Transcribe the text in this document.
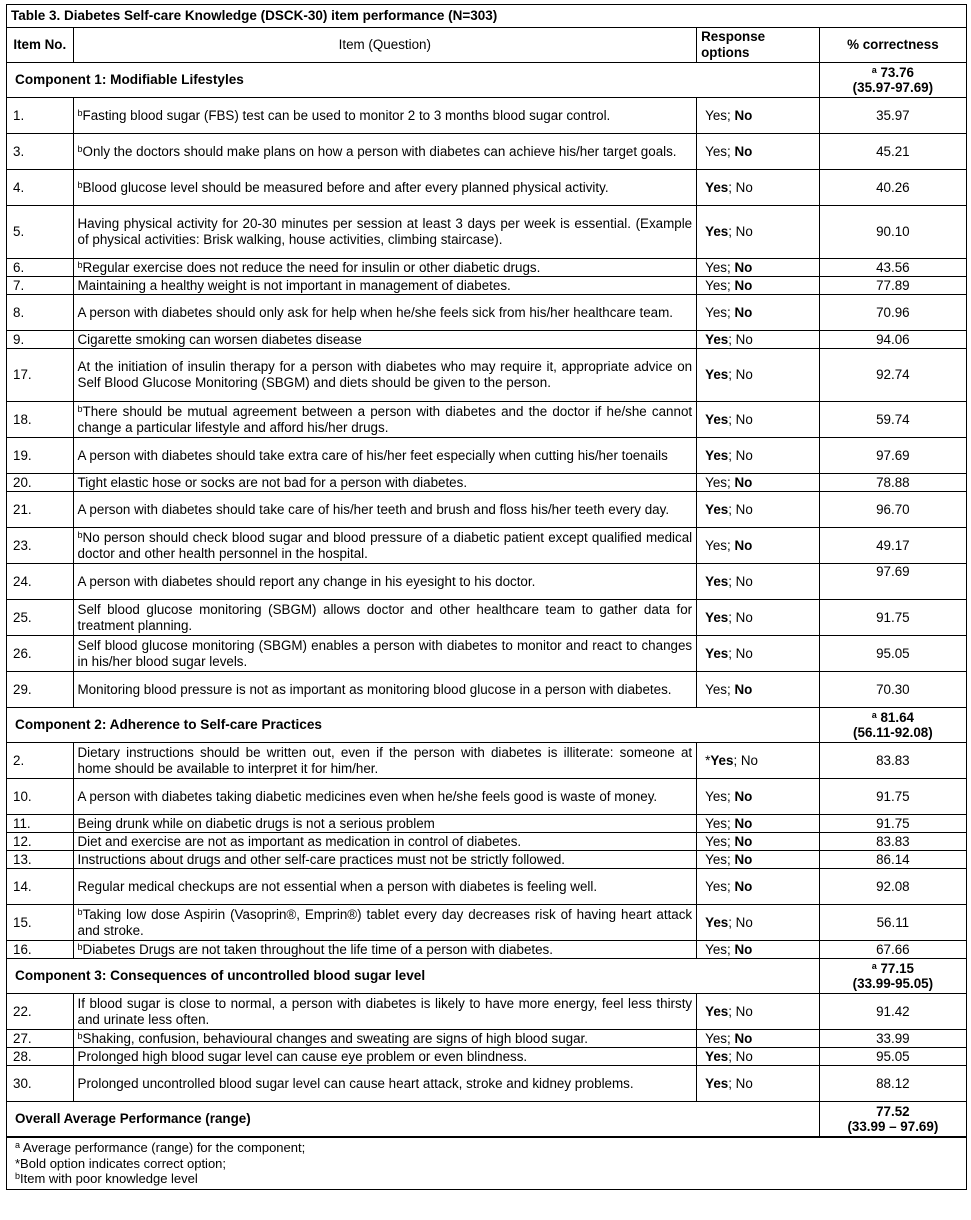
Table 3. Diabetes Self-care Knowledge (DSCK-30) item performance (N=303)
Item No.	Item (Question)	Response options	% correctness
Component 1: Modifiable Lifestyles			$^a$ 73.76
(35.97-97.69)

1.	$^b$Fasting blood sugar (FBS) test can be used to monitor 2 to 3 months blood sugar control.	Yes; No	35.97
3.	$^b$Only the doctors should make plans on how a person with diabetes can achieve his/her target goals.	Yes; No	45.21
4.	$^b$Blood glucose level should be measured before and after every planned physical activity.	Yes; No	40.26
5.	Having physical activity for 20-30 minutes per session at least 3 days per week is essential. (Example of physical activities: Brisk walking, house activities, climbing staircase).	Yes; No	90.10
6.	$^b$Regular exercise does not reduce the need for insulin or other diabetic drugs.	Yes; No	43.56
7.	Maintaining a healthy weight is not important in management of diabetes.	Yes; No	77.89
8.	A person with diabetes should only ask for help when he/she feels sick from his/her healthcare team.	Yes; No	70.96
9.	Cigarette smoking can worsen diabetes disease	Yes; No	94.06
17.	At the initiation of insulin therapy for a person with diabetes who may require it, appropriate advice on Self Blood Glucose Monitoring (SBGM) and diets should be given to the person.	Yes; No	92.74
18.	$^b$There should be mutual agreement between a person with diabetes and the doctor if he/she cannot change a particular lifestyle and afford his/her drugs.	Yes; No	59.74
19.	A person with diabetes should take extra care of his/her feet especially when cutting his/her toenails	Yes; No	97.69
20.	Tight elastic hose or socks are not bad for a person with diabetes.	Yes; No	78.88
21.	A person with diabetes should take care of his/her teeth and brush and floss his/her teeth every day.	Yes; No	96.70
23.	$^b$No person should check blood sugar and blood pressure of a diabetic patient except qualified medical doctor and other health personnel in the hospital.	Yes; No	49.17
24.	A person with diabetes should report any change in his eyesight to his doctor.	Yes; No	97.69
25.	Self blood glucose monitoring (SBGM) allows doctor and other healthcare team to gather data for treatment planning.	Yes; No	91.75
26.	Self blood glucose monitoring (SBGM) enables a person with diabetes to monitor and react to changes in his/her blood sugar levels.	Yes; No	95.05
29.	Monitoring blood pressure is not as important as monitoring blood glucose in a person with diabetes.	Yes; No	70.30
Component 2: Adherence to Self-care Practices			$^a$ 81.64
(56.11-92.08)

2.	Dietary instructions should be written out, even if the person with diabetes is illiterate: someone at home should be available to interpret it for him/her.	*Yes; No	83.83
10.	A person with diabetes taking diabetic medicines even when he/she feels good is waste of money.	Yes; No	91.75
11.	Being drunk while on diabetic drugs is not a serious problem	Yes; No	91.75
12.	Diet and exercise are not as important as medication in control of diabetes.	Yes; No	83.83
13.	Instructions about drugs and other self-care practices must not be strictly followed.	Yes; No	86.14
14.	Regular medical checkups are not essential when a person with diabetes is feeling well.	Yes; No	92.08
15.	$^b$Taking low dose Aspirin (Vasoprin®, Emprin®) tablet every day decreases risk of having heart attack and stroke.	Yes; No	56.11
16.	$^b$Diabetes Drugs are not taken throughout the life time of a person with diabetes.	Yes; No	67.66
Component 3: Consequences of uncontrolled blood sugar level			$^a$ 77.15
(33.99-95.05)

22.	If blood sugar is close to normal, a person with diabetes is likely to have more energy, feel less thirsty and urinate less often.	Yes; No	91.42
27.	$^b$Shaking, confusion, behavioural changes and sweating are signs of high blood sugar.	Yes; No	33.99
28.	Prolonged high blood sugar level can cause eye problem or even blindness.	Yes; No	95.05
30.	Prolonged uncontrolled blood sugar level can cause heart attack, stroke and kidney problems.	Yes; No	88.12
Overall Average Performance (range)			77.52
(33.99 – 97.69)
$^a$ Average performance (range) for the component;
*Bold option indicates correct option;
$^b$Item with poor knowledge level
